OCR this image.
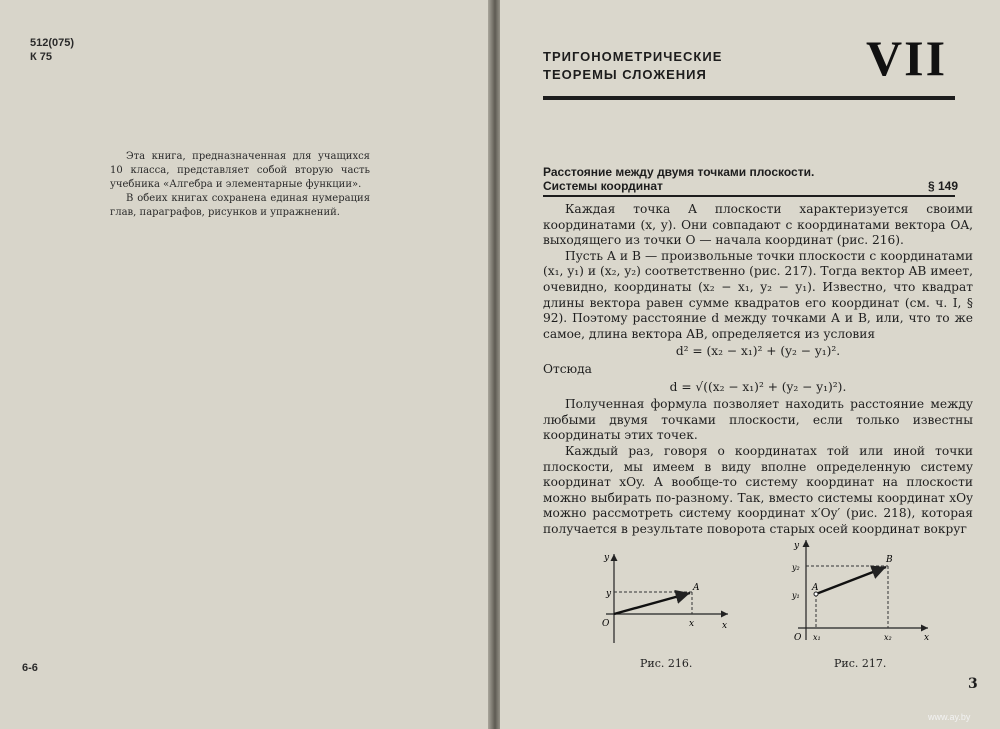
512(075)
К 75

Эта книга, предназначенная для учащихся 10 класса, представляет собой вторую часть учебника «Алгебра и элементарные функции».

В обеих книгах сохранена единая нумерация глав, параграфов, рисунков и упражнений.

6-6
ТРИГОНОМЕТРИЧЕСКИЕ
ТЕОРЕМЫ СЛОЖЕНИЯ	VII
Расстояние между двумя точками плоскости.
Системы координат	§ 149

Каждая точка A плоскости характеризуется своими координатами (x, y). Они совпадают с координатами вектора OA, выходящего из точки O — начала координат (рис. 216).

Пусть A и B — произвольные точки плоскости с координатами (x₁, y₁) и (x₂, y₂) соответственно (рис. 217). Тогда вектор AB имеет, очевидно, координаты (x₂ − x₁, y₂ − y₁). Известно, что квадрат длины вектора равен сумме квадратов его координат (см. ч. I, § 92). Поэтому расстояние d между точками A и B, или, что то же самое, длина вектора AB, определяется из условия

d² = (x₂ − x₁)² + (y₂ − y₁)².
Отсюда
d = √((x₂ − x₁)² + (y₂ − y₁)²).

Полученная формула позволяет находить расстояние между любыми двумя точками плоскости, если только известны координаты этих точек.

Каждый раз, говоря о координатах той или иной точки плоскости, мы имеем в виду вполне определенную систему координат xOy. А вообще-то систему координат на плоскости можно выбирать по-разному. Так, вместо системы координат xOy можно рассмотреть систему координат x′Oy′ (рис. 218), которая получается в результате поворота старых осей координат вокруг

y
x
O
A
x
y
Рис. 216.
y
x
O
A
B
x₁	x₂
y₁
y₂
Рис. 217.
3
www.ay.by
